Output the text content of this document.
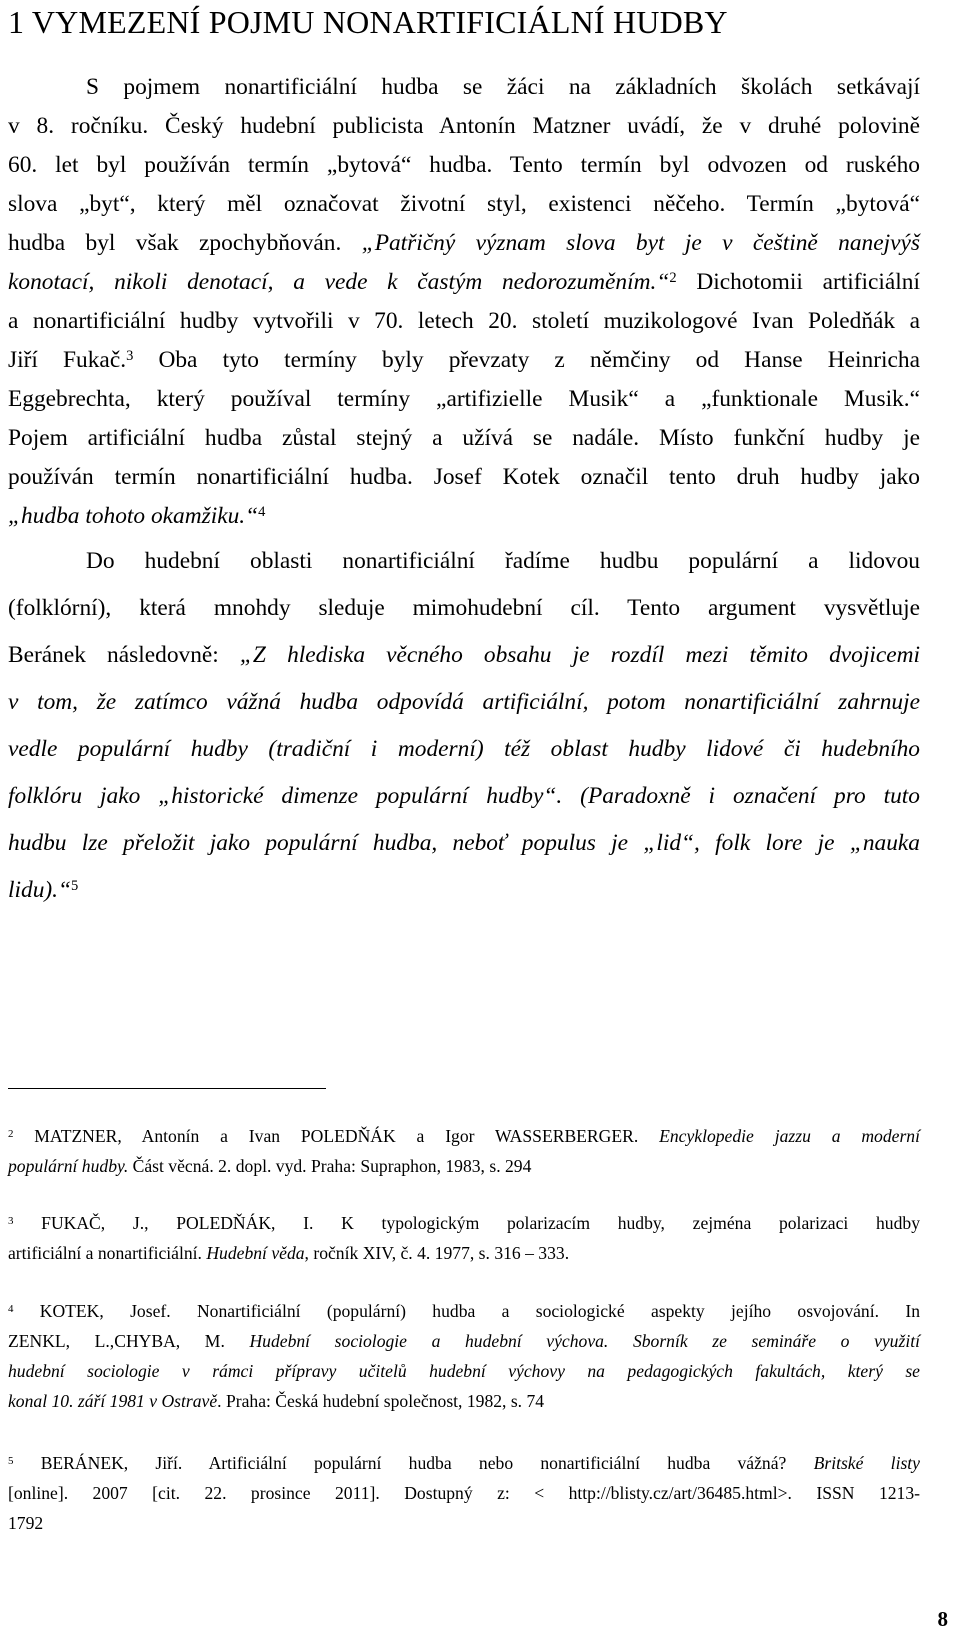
1 VYMEZENÍ POJMU NONARTIFICIÁLNÍ HUDBY
S pojmem nonartificiální hudba se žáci na základních školách setkávají
v 8. ročníku. Český hudební publicista Antonín Matzner uvádí, že v druhé polovině
60. let byl používán termín „bytová“ hudba. Tento termín byl odvozen od ruského
slova „byt“, který měl označovat životní styl, existenci něčeho. Termín „bytová“
hudba byl však zpochybňován. „Patřičný význam slova byt je v češtině nanejvýš
konotací, nikoli denotací, a vede k častým nedorozuměním.“$^2$ Dichotomii artificiální
a nonartificiální hudby vytvořili v 70. letech 20. století muzikologové Ivan Poledňák a
Jiří Fukač.$^3$ Oba tyto termíny byly převzaty z němčiny od Hanse Heinricha
Eggebrechta, který používal termíny „artifizielle Musik“ a „funktionale Musik.“
Pojem artificiální hudba zůstal stejný a užívá se nadále. Místo funkční hudby je
používán termín nonartificiální hudba. Josef Kotek označil tento druh hudby jako
„hudba tohoto okamžiku.“$^4$
Do hudební oblasti nonartificiální řadíme hudbu populární a lidovou
(folklórní), která mnohdy sleduje mimohudební cíl. Tento argument vysvětluje
Beránek následovně: „Z hlediska věcného obsahu je rozdíl mezi těmito dvojicemi
v tom, že zatímco vážná hudba odpovídá artificiální, potom nonartificiální zahrnuje
vedle populární hudby (tradiční i moderní) též oblast hudby lidové či hudebního
folklóru jako „historické dimenze populární hudby“. (Paradoxně i označení pro tuto
hudbu lze přeložit jako populární hudba, neboť populus je „lid“, folk lore je „nauka
lidu).“$^5$
$^2$ MATZNER, Antonín a Ivan POLEDŇÁK a Igor WASSERBERGER. Encyklopedie jazzu a moderní
populární hudby. Část věcná. 2. dopl. vyd. Praha: Supraphon, 1983, s. 294
$^3$ FUKAČ, J., POLEDŇÁK, I. K typologickým polarizacím hudby, zejména polarizaci hudby
artificiální a nonartificiální. Hudební věda, ročník XIV, č. 4. 1977, s. 316 – 333.
$^4$ KOTEK, Josef. Nonartificiální (populární) hudba a sociologické aspekty jejího osvojování. In
ZENKL, L.,CHYBA, M. Hudební sociologie a hudební výchova. Sborník ze semináře o využití
hudební sociologie v rámci přípravy učitelů hudební výchovy na pedagogických fakultách, který se
konal 10. září 1981 v Ostravě. Praha: Česká hudební společnost, 1982, s. 74
$^5$ BERÁNEK, Jiří. Artificiální populární hudba nebo nonartificiální hudba vážná? Britské listy
[online]. 2007 [cit. 22. prosince 2011]. Dostupný z: < http://blisty.cz/art/36485.html>. ISSN 1213-
1792
8
